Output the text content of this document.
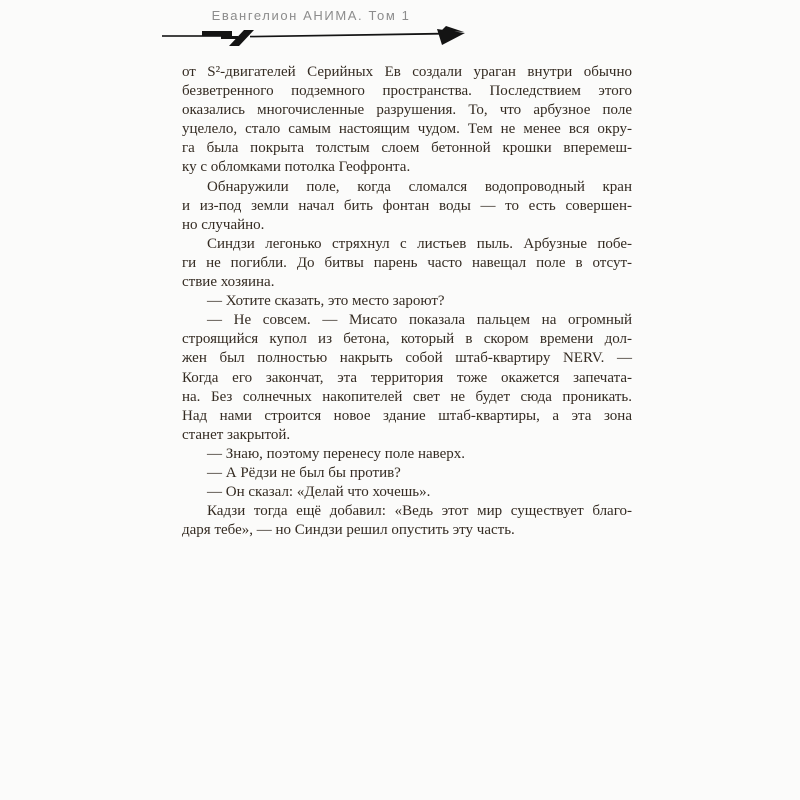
Евангелион АНИМА. Том 1
от S²-двигателей Серийных Ев создали ураган внутри обычно
безветренного подземного пространства. Последствием этого
оказались многочисленные разрушения. То, что арбузное поле
уцелело, стало самым настоящим чудом. Тем не менее вся окру-
га была покрыта толстым слоем бетонной крошки вперемеш-
ку с обломками потолка Геофронта.
Обнаружили поле, когда сломался водопроводный кран
и из-под земли начал бить фонтан воды — то есть совершен-
но случайно.
Синдзи легонько стряхнул с листьев пыль. Арбузные побе-
ги не погибли. До битвы парень часто навещал поле в отсут-
ствие хозяина.
— Хотите сказать, это место зароют?
— Не совсем. — Мисато показала пальцем на огромный
строящийся купол из бетона, который в скором времени дол-
жен был полностью накрыть собой штаб-квартиру NERV. —
Когда его закончат, эта территория тоже окажется запечата-
на. Без солнечных накопителей свет не будет сюда проникать.
Над нами строится новое здание штаб-квартиры, а эта зона
станет закрытой.
— Знаю, поэтому перенесу поле наверх.
— А Рёдзи не был бы против?
— Он сказал: «Делай что хочешь».
Кадзи тогда ещё добавил: «Ведь этот мир существует благо-
даря тебе», — но Синдзи решил опустить эту часть.
